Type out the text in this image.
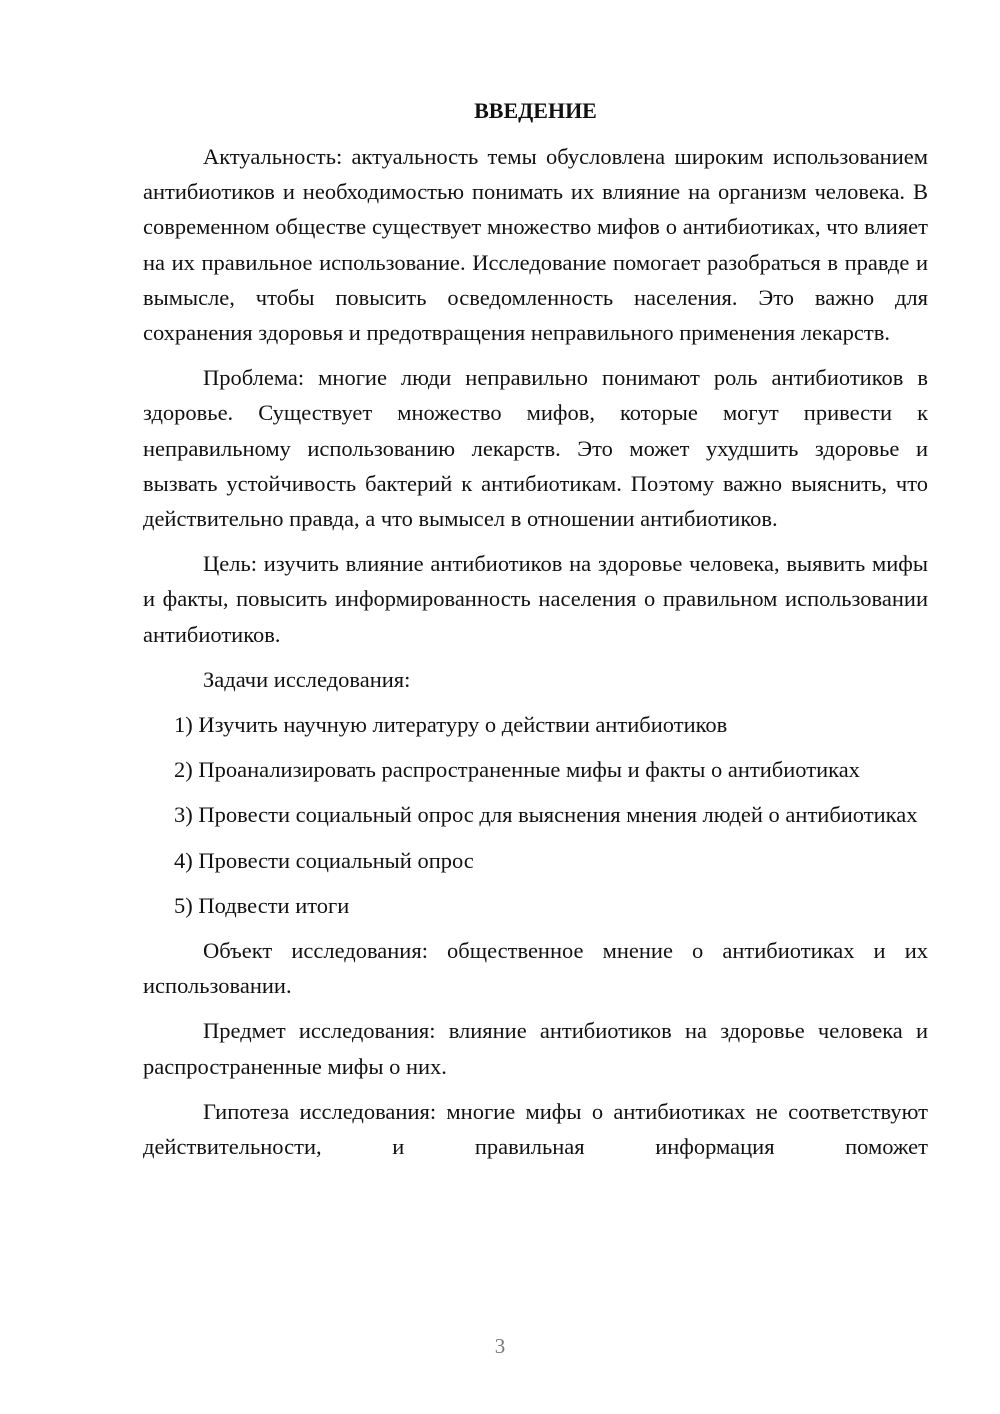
ВВЕДЕНИЕ

Актуальность: актуальность темы обусловлена широким использованием антибиотиков и необходимостью понимать их влияние на организм человека. В современном обществе существует множество мифов о антибиотиках, что влияет на их правильное использование. Исследование помогает разобраться в правде и вымысле, чтобы повысить осведомленность населения. Это важно для сохранения здоровья и предотвращения неправильного применения лекарств.

Проблема: многие люди неправильно понимают роль антибиотиков в здоровье. Существует множество мифов, которые могут привести к неправильному использованию лекарств. Это может ухудшить здоровье и вызвать устойчивость бактерий к антибиотикам. Поэтому важно выяснить, что действительно правда, а что вымысел в отношении антибиотиков.

Цель: изучить влияние антибиотиков на здоровье человека, выявить мифы и факты, повысить информированность населения о правильном использовании антибиотиков.

Задачи исследования:

1) Изучить научную литературу о действии антибиотиков

2) Проанализировать распространенные мифы и факты о антибиотиках

3) Провести социальный опрос для выяснения мнения людей о антибиотиках

4) Провести социальный опрос

5) Подвести итоги

Объект исследования: общественное мнение о антибиотиках и их использовании.

Предмет исследования: влияние антибиотиков на здоровье человека и распространенные мифы о них.

Гипотеза исследования: многие мифы о антибиотиках не соответствуют действительности, и правильная информация поможет

3
